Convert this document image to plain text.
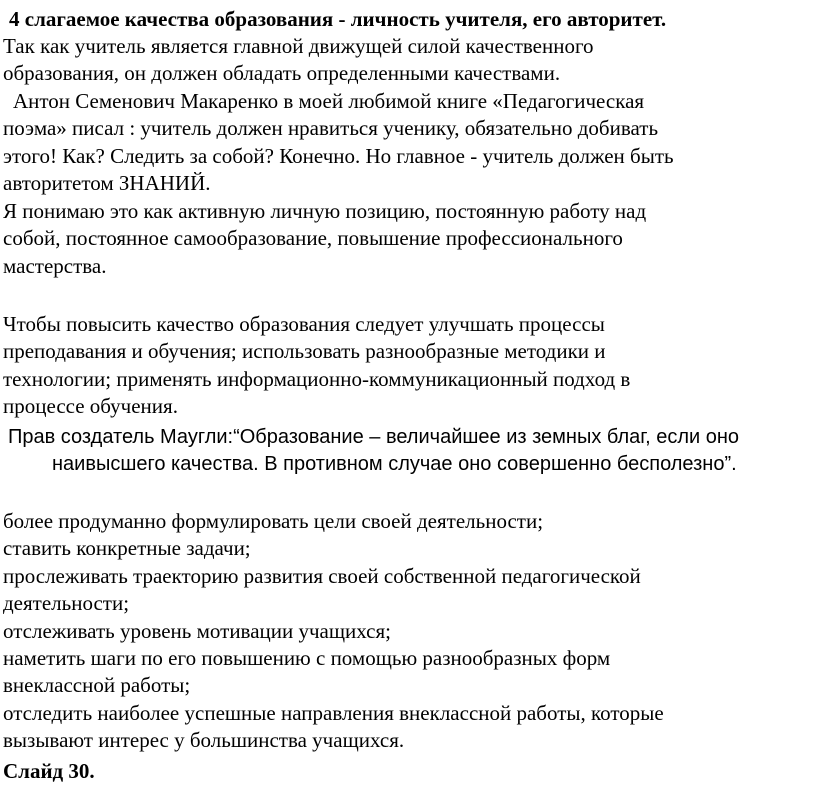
4 слагаемое качества образования - личность учителя, его авторитет.
Так как учитель является главной движущей силой качественного
образования, он должен обладать определенными качествами.
Антон Семенович Макаренко в моей любимой книге «Педагогическая
поэма» писал : учитель должен нравиться ученику, обязательно добивать
этого! Как? Следить за собой? Конечно. Но главное - учитель должен быть
авторитетом ЗНАНИЙ.
Я понимаю это как активную личную позицию, постоянную работу над
собой, постоянное самообразование, повышение профессионального
мастерства.
Чтобы повысить качество образования следует улучшать процессы
преподавания и обучения; использовать разнообразные методики и
технологии; применять информационно-коммуникационный подход в
процессе обучения.
Прав создатель Маугли:“Образование – величайшее из земных благ, если оно
наивысшего качества. В противном случае оно совершенно бесполезно”.
более продуманно формулировать цели своей деятельности;
ставить конкретные задачи;
прослеживать траекторию развития своей собственной педагогической
деятельности;
отслеживать уровень мотивации учащихся;
наметить шаги по его повышению с помощью разнообразных форм
внеклассной работы;
отследить наиболее успешные направления внеклассной работы, которые
вызывают интерес у большинства учащихся.
Слайд 30.
